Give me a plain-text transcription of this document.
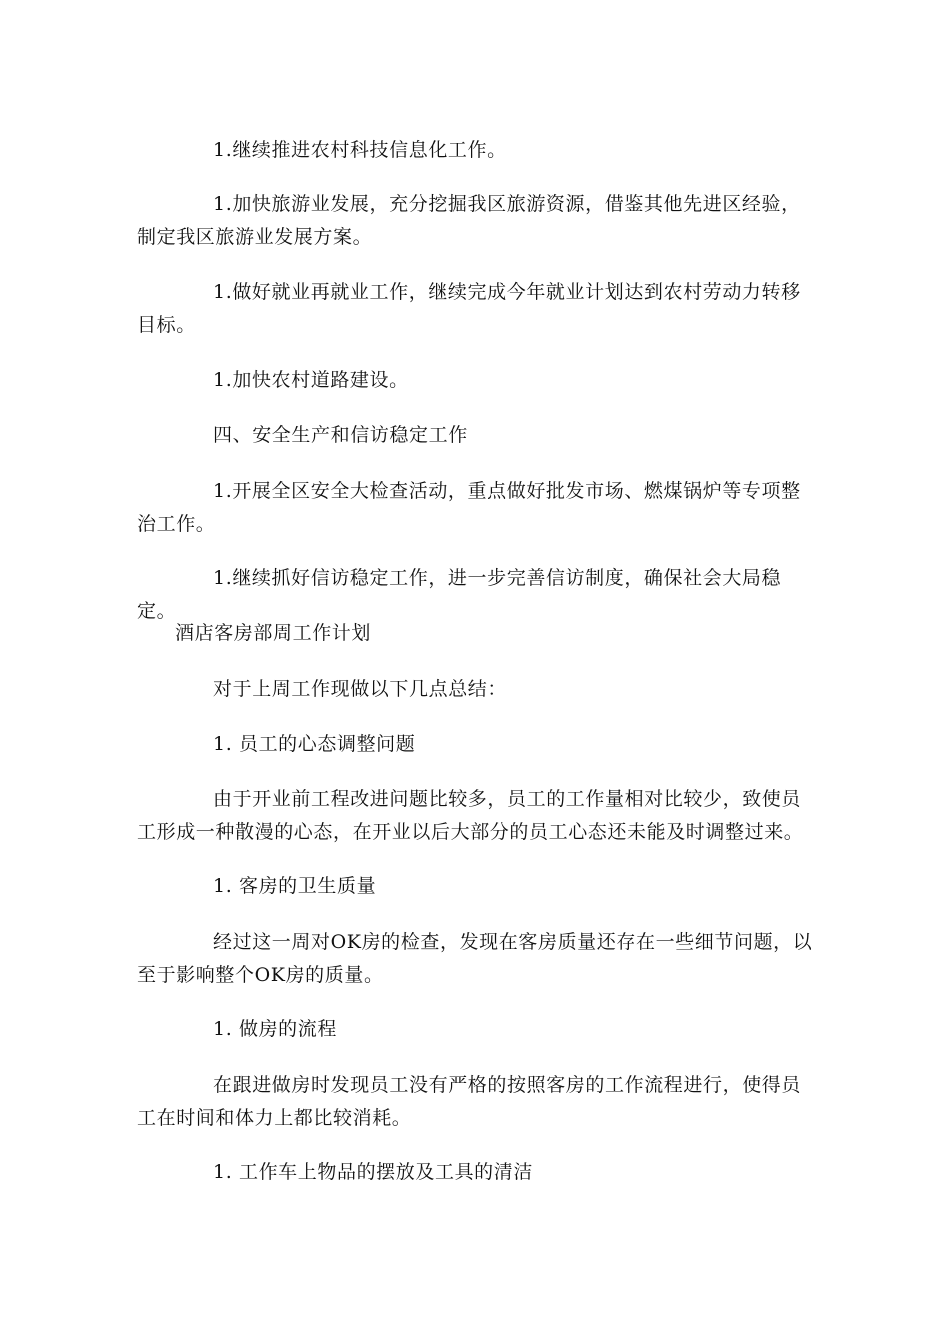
1.继续推进农村科技信息化工作。

1.加快旅游业发展，充分挖掘我区旅游资源，借鉴其他先进区经验，制定我区旅游业发展方案。

1.做好就业再就业工作，继续完成今年就业计划达到农村劳动力转移目标。

1.加快农村道路建设。

四、安全生产和信访稳定工作

1.开展全区安全大检查活动，重点做好批发市场、燃煤锅炉等专项整治工作。

1.继续抓好信访稳定工作，进一步完善信访制度，确保社会大局稳定。

酒店客房部周工作计划

对于上周工作现做以下几点总结：

1. 员工的心态调整问题

由于开业前工程改进问题比较多，员工的工作量相对比较少，致使员工形成一种散漫的心态，在开业以后大部分的员工心态还未能及时调整过来。

1. 客房的卫生质量

经过这一周对OK房的检查，发现在客房质量还存在一些细节问题，以至于影响整个OK房的质量。

1. 做房的流程

在跟进做房时发现员工没有严格的按照客房的工作流程进行，使得员工在时间和体力上都比较消耗。

1. 工作车上物品的摆放及工具的清洁
